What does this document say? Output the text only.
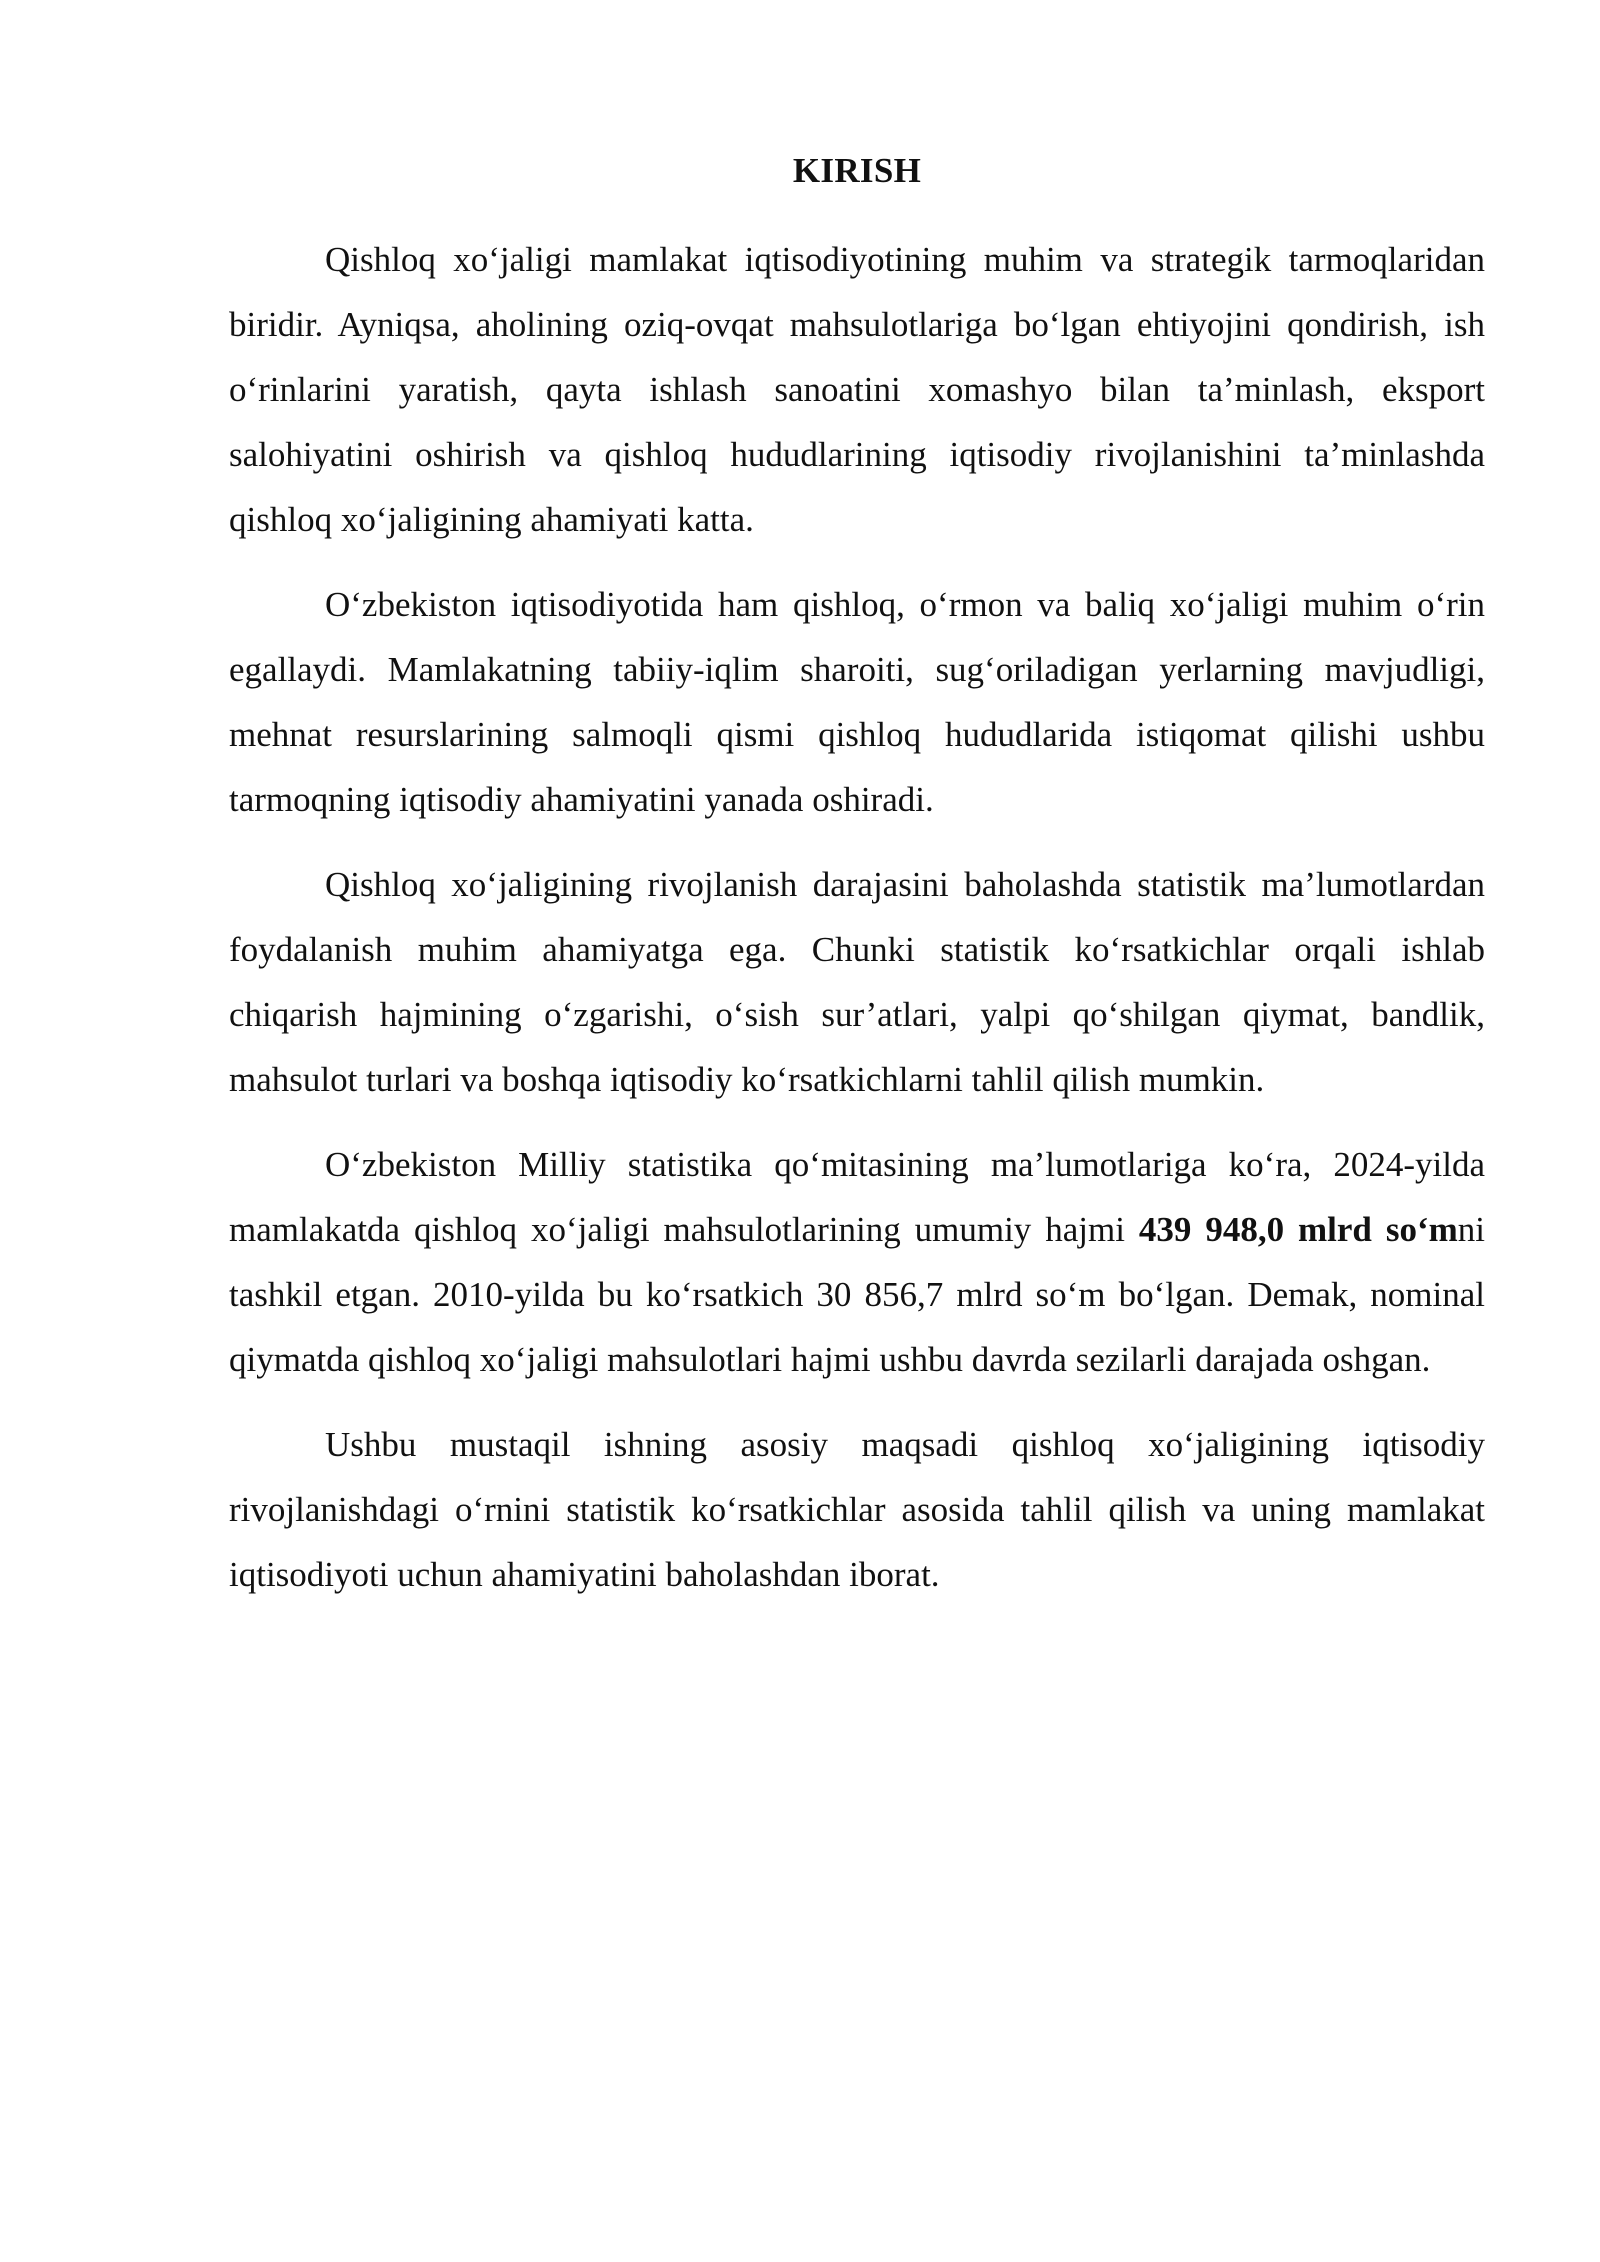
KIRISH

Qishloq xo‘jaligi mamlakat iqtisodiyotining muhim va strategik tarmoqlaridan biridir. Ayniqsa, aholining oziq-ovqat mahsulotlariga bo‘lgan ehtiyojini qondirish, ish o‘rinlarini yaratish, qayta ishlash sanoatini xomashyo bilan ta’minlash, eksport salohiyatini oshirish va qishloq hududlarining iqtisodiy rivojlanishini ta’minlashda qishloq xo‘jaligining ahamiyati katta.

O‘zbekiston iqtisodiyotida ham qishloq, o‘rmon va baliq xo‘jaligi muhim o‘rin egallaydi. Mamlakatning tabiiy-iqlim sharoiti, sug‘oriladigan yerlarning mavjudligi, mehnat resurslarining salmoqli qismi qishloq hududlarida istiqomat qilishi ushbu tarmoqning iqtisodiy ahamiyatini yanada oshiradi.

Qishloq xo‘jaligining rivojlanish darajasini baholashda statistik ma’lumotlardan foydalanish muhim ahamiyatga ega. Chunki statistik ko‘rsatkichlar orqali ishlab chiqarish hajmining o‘zgarishi, o‘sish sur’atlari, yalpi qo‘shilgan qiymat, bandlik, mahsulot turlari va boshqa iqtisodiy ko‘rsatkichlarni tahlil qilish mumkin.

O‘zbekiston Milliy statistika qo‘mitasining ma’lumotlariga ko‘ra, 2024-yilda mamlakatda qishloq xo‘jaligi mahsulotlarining umumiy hajmi 439 948,0 mlrd so‘mni tashkil etgan. 2010-yilda bu ko‘rsatkich 30 856,7 mlrd so‘m bo‘lgan. Demak, nominal qiymatda qishloq xo‘jaligi mahsulotlari hajmi ushbu davrda sezilarli darajada oshgan.

Ushbu mustaqil ishning asosiy maqsadi qishloq xo‘jaligining iqtisodiy rivojlanishdagi o‘rnini statistik ko‘rsatkichlar asosida tahlil qilish va uning mamlakat iqtisodiyoti uchun ahamiyatini baholashdan iborat.
